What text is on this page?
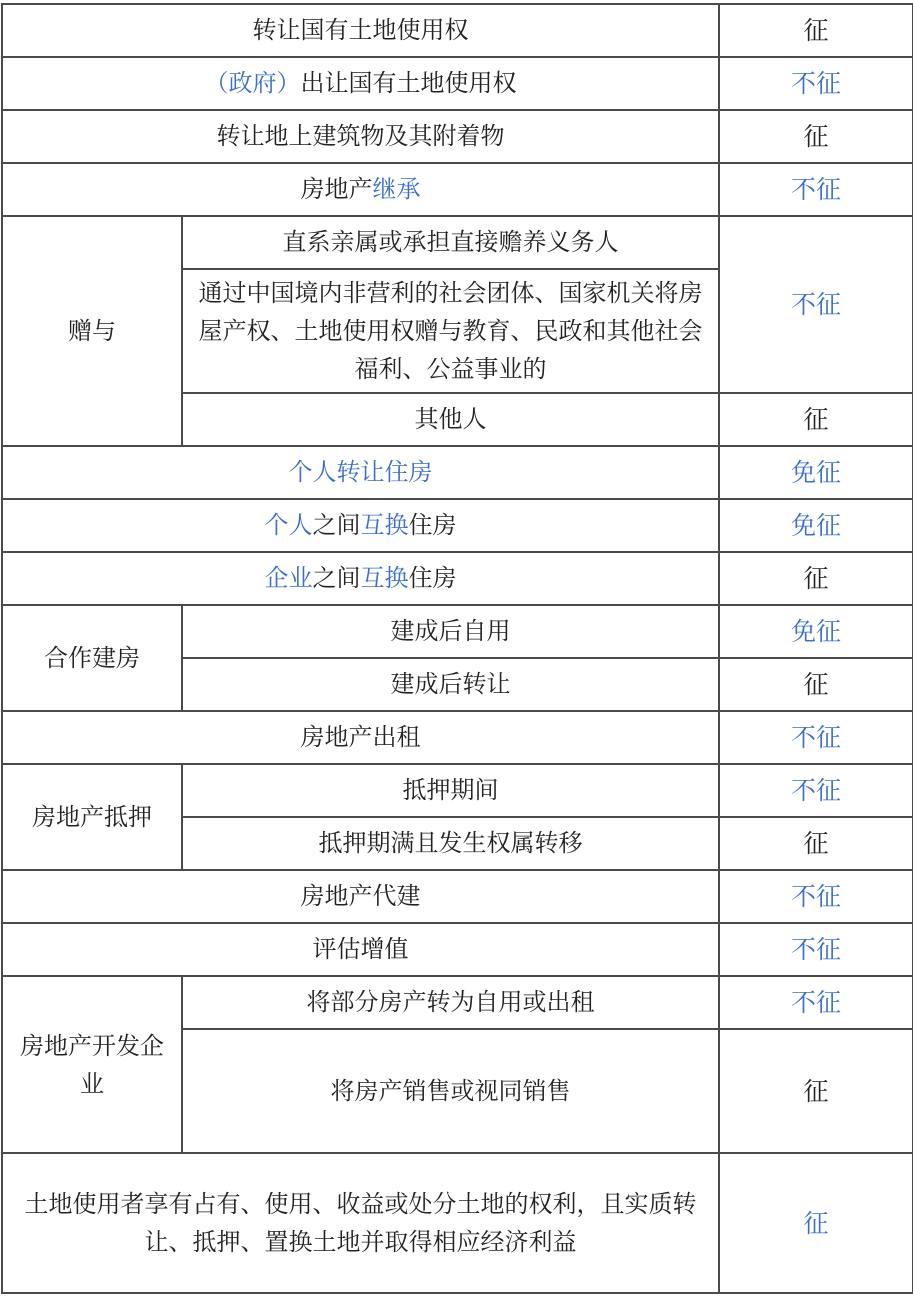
转让国有土地使用权		征
（政府）出让国有土地使用权		不征
转让地上建筑物及其附着物		征
房地产继承		不征
赠与	直系亲属或承担直接赡养义务人	不征
	通过中国境内非营利的社会团体、国家机关将房屋产权、土地使用权赠与教育、民政和其他社会福利、公益事业的	
	其他人	征
个人转让住房		免征
个人之间互换住房		免征
企业之间互换住房		征
合作建房	建成后自用	免征
	建成后转让	征
房地产出租		不征
房地产抵押	抵押期间	不征
	抵押期满且发生权属转移	征
房地产代建		不征
评估增值		不征
房地产开发企业	将部分房产转为自用或出租	不征
	将房产销售或视同销售	征
土地使用者享有占有、使用、收益或处分土地的权利，且实质转让、抵押、置换土地并取得相应经济利益		征
